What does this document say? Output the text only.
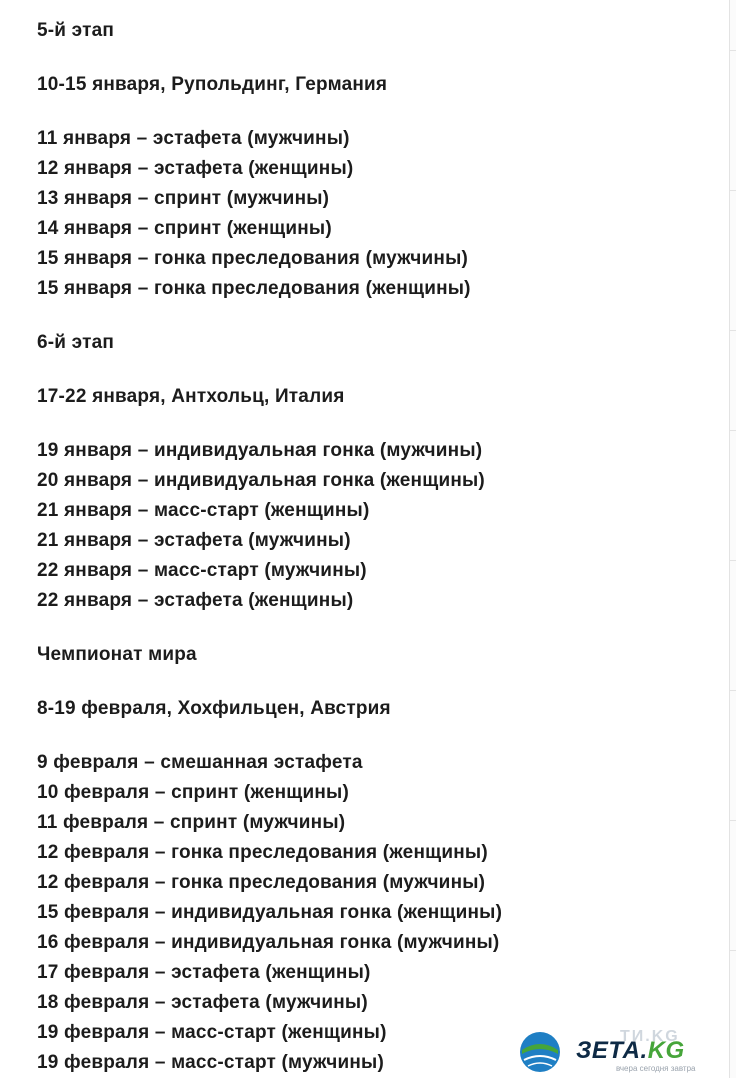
5-й этап
10-15 января, Рупольдинг, Германия
11 января – эстафета (мужчины)
12 января – эстафета (женщины)
13 января – спринт (мужчины)
14 января – спринт (женщины)
15 января – гонка преследования (мужчины)
15 января – гонка преследования (женщины)
6-й этап
17-22 января, Антхольц, Италия
19 января – индивидуальная гонка (мужчины)
20 января – индивидуальная гонка (женщины)
21 января – масс-старт (женщины)
21 января – эстафета (мужчины)
22 января – масс-старт (мужчины)
22 января – эстафета (женщины)
Чемпионат мира
8-19 февраля, Хохфильцен, Австрия
9 февраля – смешанная эстафета
10 февраля – спринт (женщины)
11 февраля – спринт (мужчины)
12 февраля – гонка преследования (женщины)
12 февраля – гонка преследования (мужчины)
15 февраля – индивидуальная гонка (женщины)
16 февраля – индивидуальная гонка (мужчины)
17 февраля – эстафета (женщины)
18 февраля – эстафета (мужчины)
19 февраля – масс-старт (женщины)
19 февраля – масс-старт (мужчины)
ТИ.KG
ЗЕТА.KG
вчера сегодня завтра
